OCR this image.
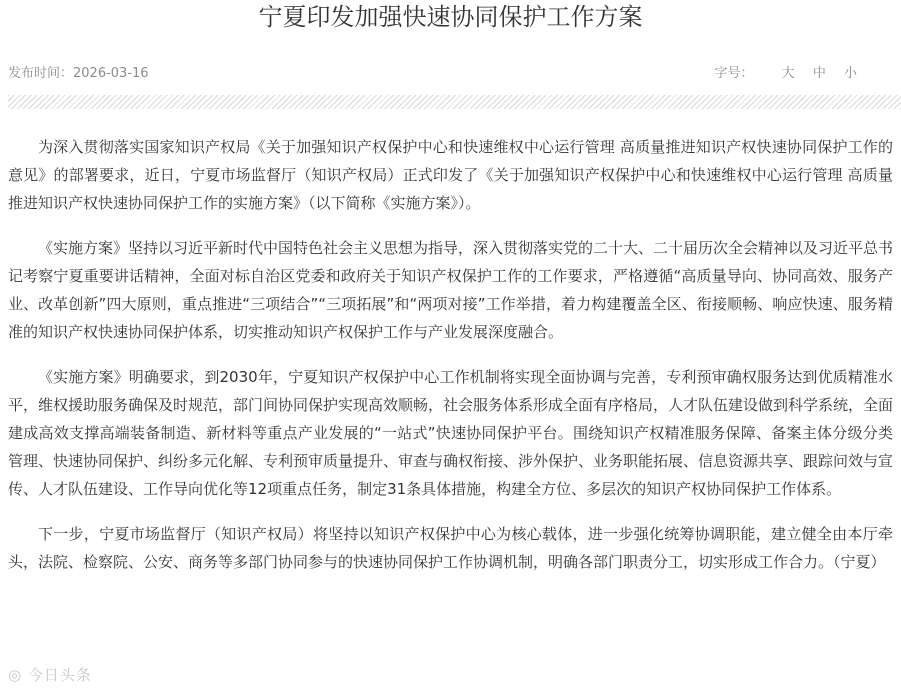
宁夏印发加强快速协同保护工作方案
发布时间：2026-03-16	字号： 大 中 小

为深入贯彻落实国家知识产权局《关于加强知识产权保护中心和快速维权中心运行管理 高质量推进知识产权快速协同保护工作的意见》的部署要求，近日，宁夏市场监督厅（知识产权局）正式印发了《关于加强知识产权保护中心和快速维权中心运行管理 高质量推进知识产权快速协同保护工作的实施方案》（以下简称《实施方案》）。

《实施方案》坚持以习近平新时代中国特色社会主义思想为指导，深入贯彻落实党的二十大、二十届历次全会精神以及习近平总书记考察宁夏重要讲话精神，全面对标自治区党委和政府关于知识产权保护工作的工作要求，严格遵循“高质量导向、协同高效、服务产业、改革创新”四大原则，重点推进“三项结合”“三项拓展”和“两项对接”工作举措，着力构建覆盖全区、衔接顺畅、响应快速、服务精准的知识产权快速协同保护体系，切实推动知识产权保护工作与产业发展深度融合。

《实施方案》明确要求，到2030年，宁夏知识产权保护中心工作机制将实现全面协调与完善，专利预审确权服务达到优质精准水平，维权援助服务确保及时规范，部门间协同保护实现高效顺畅，社会服务体系形成全面有序格局，人才队伍建设做到科学系统，全面建成高效支撑高端装备制造、新材料等重点产业发展的“一站式”快速协同保护平台。围绕知识产权精准服务保障、备案主体分级分类管理、快速协同保护、纠纷多元化解、专利预审质量提升、审查与确权衔接、涉外保护、业务职能拓展、信息资源共享、跟踪问效与宣传、人才队伍建设、工作导向优化等12项重点任务，制定31条具体措施，构建全方位、多层次的知识产权协同保护工作体系。

下一步，宁夏市场监督厅（知识产权局）将坚持以知识产权保护中心为核心载体，进一步强化统筹协调职能，建立健全由本厅牵头，法院、检察院、公安、商务等多部门协同参与的快速协同保护工作协调机制，明确各部门职责分工，切实形成工作合力。（宁夏）

◎ 今日头条
